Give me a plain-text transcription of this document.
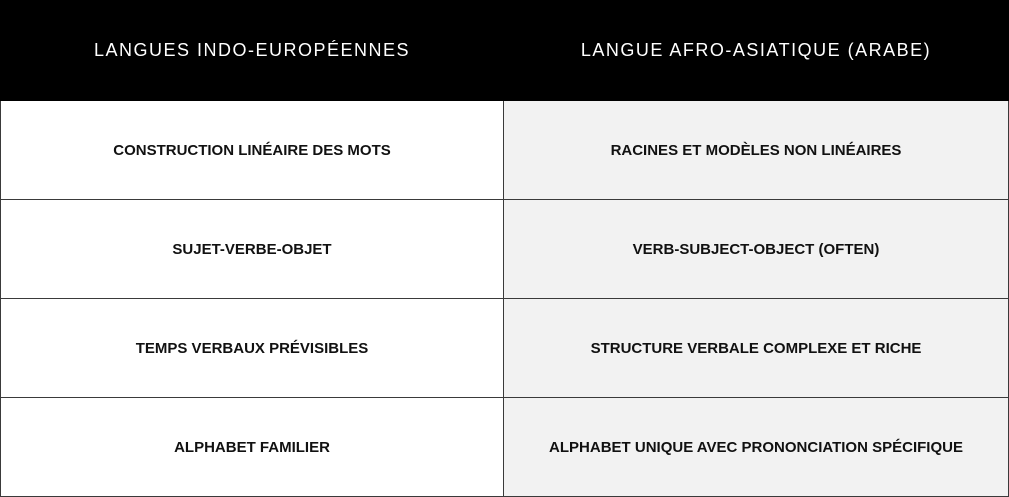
LANGUES INDO-EUROPÉENNES	LANGUE AFRO-ASIATIQUE (ARABE)
CONSTRUCTION LINÉAIRE DES MOTS	RACINES ET MODÈLES NON LINÉAIRES
SUJET-VERBE-OBJET	VERB-SUBJECT-OBJECT (OFTEN)
TEMPS VERBAUX PRÉVISIBLES	STRUCTURE VERBALE COMPLEXE ET RICHE
ALPHABET FAMILIER	ALPHABET UNIQUE AVEC PRONONCIATION SPÉCIFIQUE
